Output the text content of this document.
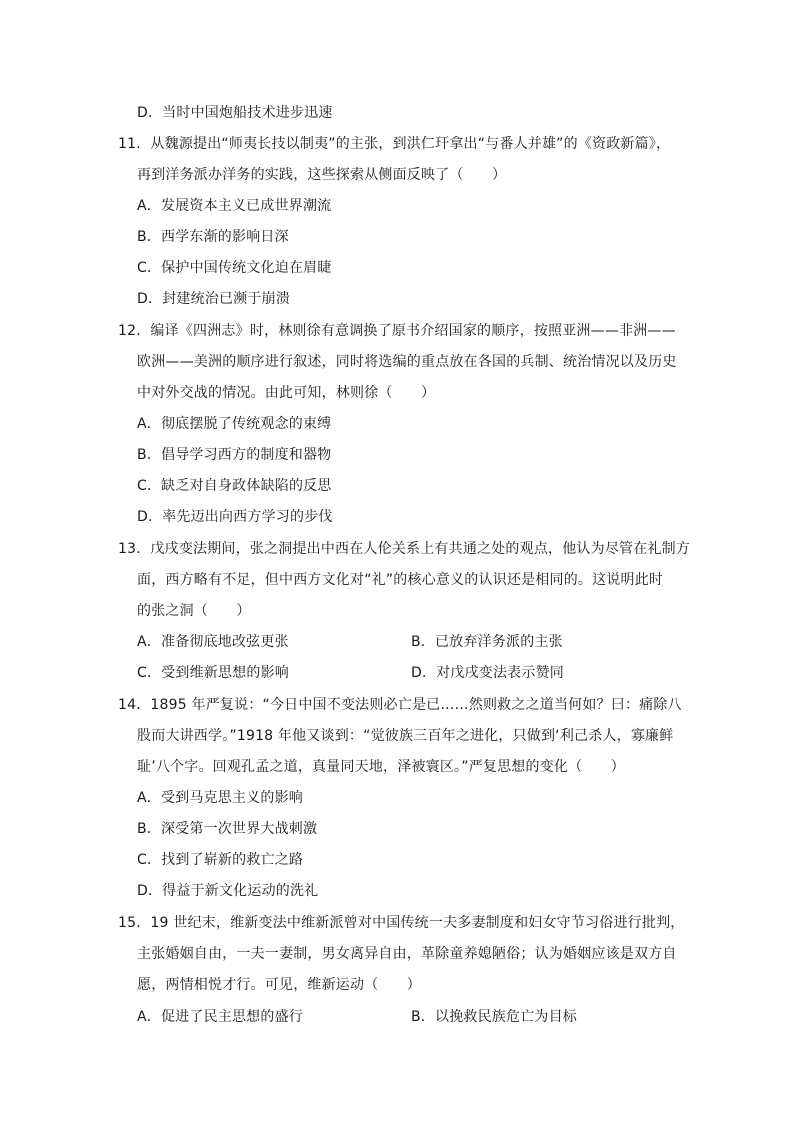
D．当时中国炮船技术进步迅速
11．从魏源提出“师夷长技以制夷”的主张，到洪仁玕拿出“与番人并雄”的《资政新篇》，
再到洋务派办洋务的实践，这些探索从侧面反映了（　　）
A．发展资本主义已成世界潮流
B．西学东渐的影响日深
C．保护中国传统文化迫在眉睫
D．封建统治已濒于崩溃
12．编译《四洲志》时，林则徐有意调换了原书介绍国家的顺序，按照亚洲——非洲——
欧洲——美洲的顺序进行叙述，同时将选编的重点放在各国的兵制、统治情况以及历史
中对外交战的情况。由此可知，林则徐（　　）
A．彻底摆脱了传统观念的束缚
B．倡导学习西方的制度和器物
C．缺乏对自身政体缺陷的反思
D．率先迈出向西方学习的步伐
13．戊戌变法期间，张之洞提出中西在人伦关系上有共通之处的观点，他认为尽管在礼制方
面，西方略有不足，但中西方文化对“礼”的核心意义的认识还是相同的。这说明此时
的张之洞（　　）
A．准备彻底地改弦更张	B．已放弃洋务派的主张
C．受到维新思想的影响	D．对戊戌变法表示赞同
14．1895 年严复说：“今日中国不变法则必亡是已……然则救之之道当何如？曰：痛除八
股而大讲西学。”1918 年他又谈到：“觉彼族三百年之进化，只做到‘利己杀人，寡廉鲜
耻’八个字。回观孔孟之道，真量同天地，泽被寰区。”严复思想的变化（　　）
A．受到马克思主义的影响
B．深受第一次世界大战刺激
C．找到了崭新的救亡之路
D．得益于新文化运动的洗礼
15．19 世纪末，维新变法中维新派曾对中国传统一夫多妻制度和妇女守节习俗进行批判，
主张婚姻自由，一夫一妻制，男女离异自由，革除童养媳陋俗；认为婚姻应该是双方自
愿，两情相悦才行。可见，维新运动（　　）
A．促进了民主思想的盛行	B．以挽救民族危亡为目标
